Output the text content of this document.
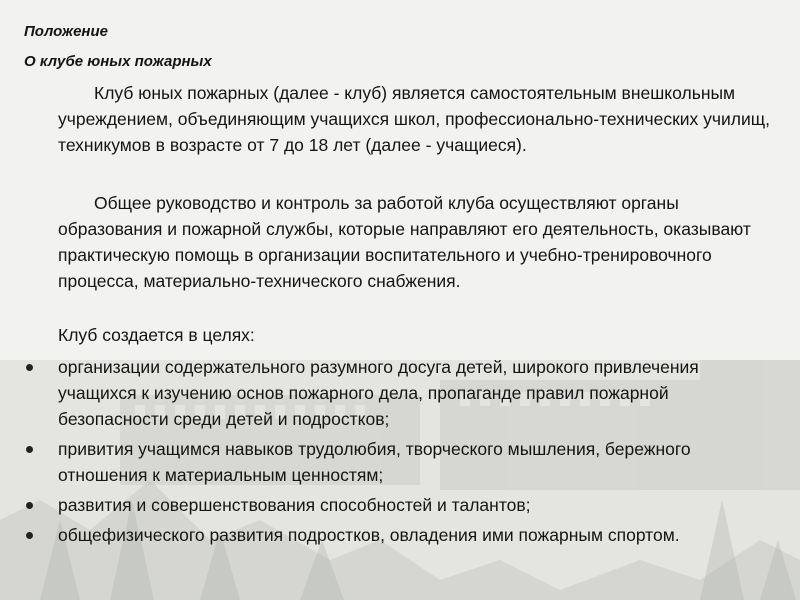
Положение
О клубе юных пожарных
Клуб юных пожарных (далее - клуб) является самостоятельным внешкольным учреждением, объединяющим учащихся школ, профессионально-технических училищ, техникумов в возрасте от 7 до 18 лет (далее - учащиеся).
Общее руководство и контроль за работой клуба осуществляют органы образования и пожарной службы, которые направляют его деятельность, оказывают практическую помощь в организации воспитательного и учебно-тренировочного процесса, материально-технического снабжения.
Клуб создается в целях:
организации содержательного разумного досуга детей, широкого привлечения учащихся к изучению основ пожарного дела, пропаганде правил пожарной безопасности среди детей и подростков;
привития учащимся навыков трудолюбия, творческого мышления, бережного отношения к материальным ценностям;
развития и совершенствования способностей и талантов;
общефизического развития подростков, овладения ими пожарным спортом.
